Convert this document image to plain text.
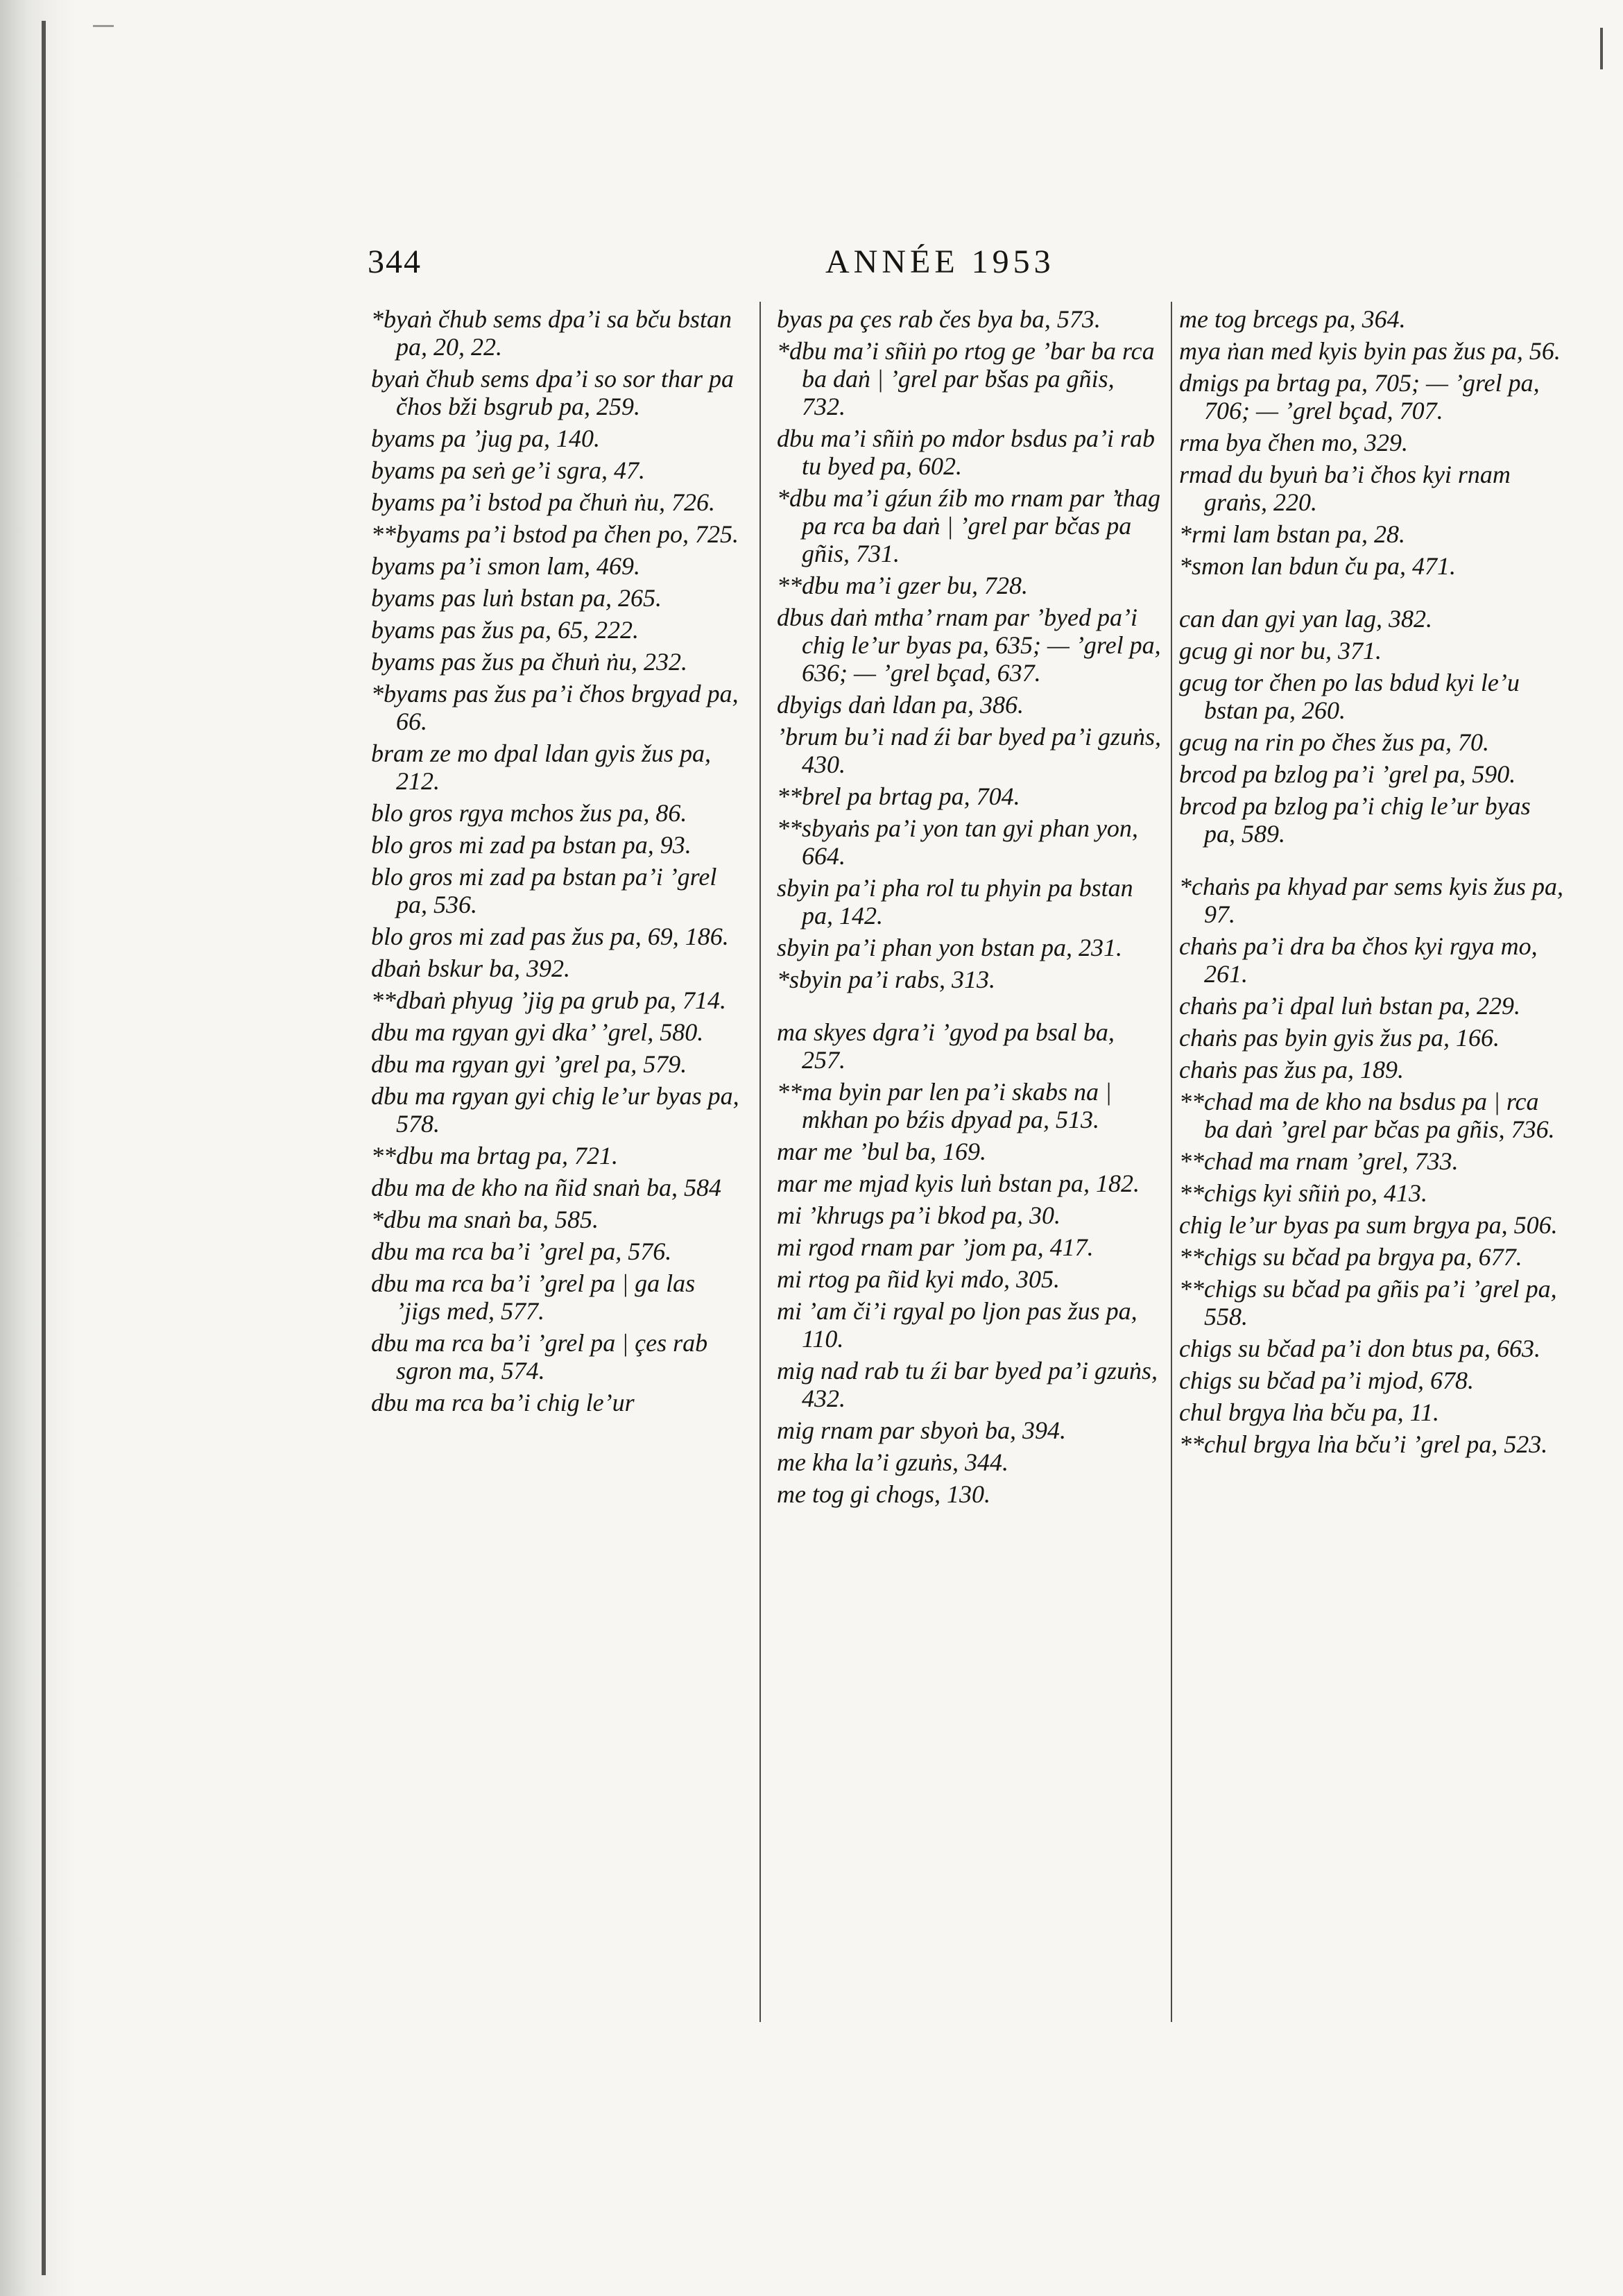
344	ANNÉE 1953

*byaṅ čhub sems dpa’i sa bču bstan pa, 20, 22.

byaṅ čhub sems dpa’i so sor thar pa čhos bži bsgrub pa, 259.

byams pa ’jug pa, 140.

byams pa seṅ ge’i sgra, 47.

byams pa’i bstod pa čhuṅ ṅu, 726.

**byams pa’i bstod pa čhen po, 725.

byams pa’i smon lam, 469.

byams pas luṅ bstan pa, 265.

byams pas žus pa, 65, 222.

byams pas žus pa čhuṅ ṅu, 232.

*byams pas žus pa’i čhos brgyad pa, 66.

bram ze mo dpal ldan gyis žus pa, 212.

blo gros rgya mchos žus pa, 86.

blo gros mi zad pa bstan pa, 93.

blo gros mi zad pa bstan pa’i ’grel pa, 536.

blo gros mi zad pas žus pa, 69, 186.

dbaṅ bskur ba, 392.

**dbaṅ phyug ’jig pa grub pa, 714.

dbu ma rgyan gyi dka’ ’grel, 580.

dbu ma rgyan gyi ’grel pa, 579.

dbu ma rgyan gyi chig le’ur byas pa, 578.

**dbu ma brtag pa, 721.

dbu ma de kho na ñid snaṅ ba, 584

*dbu ma snaṅ ba, 585.

dbu ma rca ba’i ’grel pa, 576.

dbu ma rca ba’i ’grel pa | ga las ’jigs med, 577.

dbu ma rca ba’i ’grel pa | çes rab sgron ma, 574.

dbu ma rca ba’i chig le’ur

byas pa çes rab čes bya ba, 573.

*dbu ma’i sñiṅ po rtog ge ’bar ba rca ba daṅ | ’grel par bšas pa gñis, 732.

dbu ma’i sñiṅ po mdor bsdus pa’i rab tu byed pa, 602.

*dbu ma’i gźun źib mo rnam par ’thag pa rca ba daṅ | ’grel par bčas pa gñis, 731.

**dbu ma’i gzer bu, 728.

dbus daṅ mtha’ rnam par ’byed pa’i chig le’ur byas pa, 635; — ’grel pa, 636; — ’grel bçad, 637.

dbyigs daṅ ldan pa, 386.

’brum bu’i nad źi bar byed pa’i gzuṅs, 430.

**brel pa brtag pa, 704.

**sbyaṅs pa’i yon tan gyi phan yon, 664.

sbyin pa’i pha rol tu phyin pa bstan pa, 142.

sbyin pa’i phan yon bstan pa, 231.

*sbyin pa’i rabs, 313.

ma skyes dgra’i ’gyod pa bsal ba, 257.

**ma byin par len pa’i skabs na | mkhan po bźis dpyad pa, 513.

mar me ’bul ba, 169.

mar me mjad kyis luṅ bstan pa, 182.

mi ’khrugs pa’i bkod pa, 30.

mi rgod rnam par ’jom pa, 417.

mi rtog pa ñid kyi mdo, 305.

mi ’am či’i rgyal po ljon pas žus pa, 110.

mig nad rab tu źi bar byed pa’i gzuṅs, 432.

mig rnam par sbyoṅ ba, 394.

me kha la’i gzuṅs, 344.

me tog gi chogs, 130.

me tog brcegs pa, 364.

mya ṅan med kyis byin pas žus pa, 56.

dmigs pa brtag pa, 705; — ’grel pa, 706; — ’grel bçad, 707.

rma bya čhen mo, 329.

rmad du byuṅ ba’i čhos kyi rnam graṅs, 220.

*rmi lam bstan pa, 28.

*smon lan bdun ču pa, 471.

can dan gyi yan lag, 382.

gcug gi nor bu, 371.

gcug tor čhen po las bdud kyi le’u bstan pa, 260.

gcug na rin po čhes žus pa, 70.

brcod pa bzlog pa’i ’grel pa, 590.

brcod pa bzlog pa’i chig le’ur byas pa, 589.

*chaṅs pa khyad par sems kyis žus pa, 97.

chaṅs pa’i dra ba čhos kyi rgya mo, 261.

chaṅs pa’i dpal luṅ bstan pa, 229.

chaṅs pas byin gyis žus pa, 166.

chaṅs pas žus pa, 189.

**chad ma de kho na bsdus pa | rca ba daṅ ’grel par bčas pa gñis, 736.

**chad ma rnam ’grel, 733.

**chigs kyi sñiṅ po, 413.

chig le’ur byas pa sum brgya pa, 506.

**chigs su bčad pa brgya pa, 677.

**chigs su bčad pa gñis pa’i ’grel pa, 558.

chigs su bčad pa’i don btus pa, 663.

chigs su bčad pa’i mjod, 678.

chul brgya lṅa bču pa, 11.

**chul brgya lṅa bču’i ’grel pa, 523.
